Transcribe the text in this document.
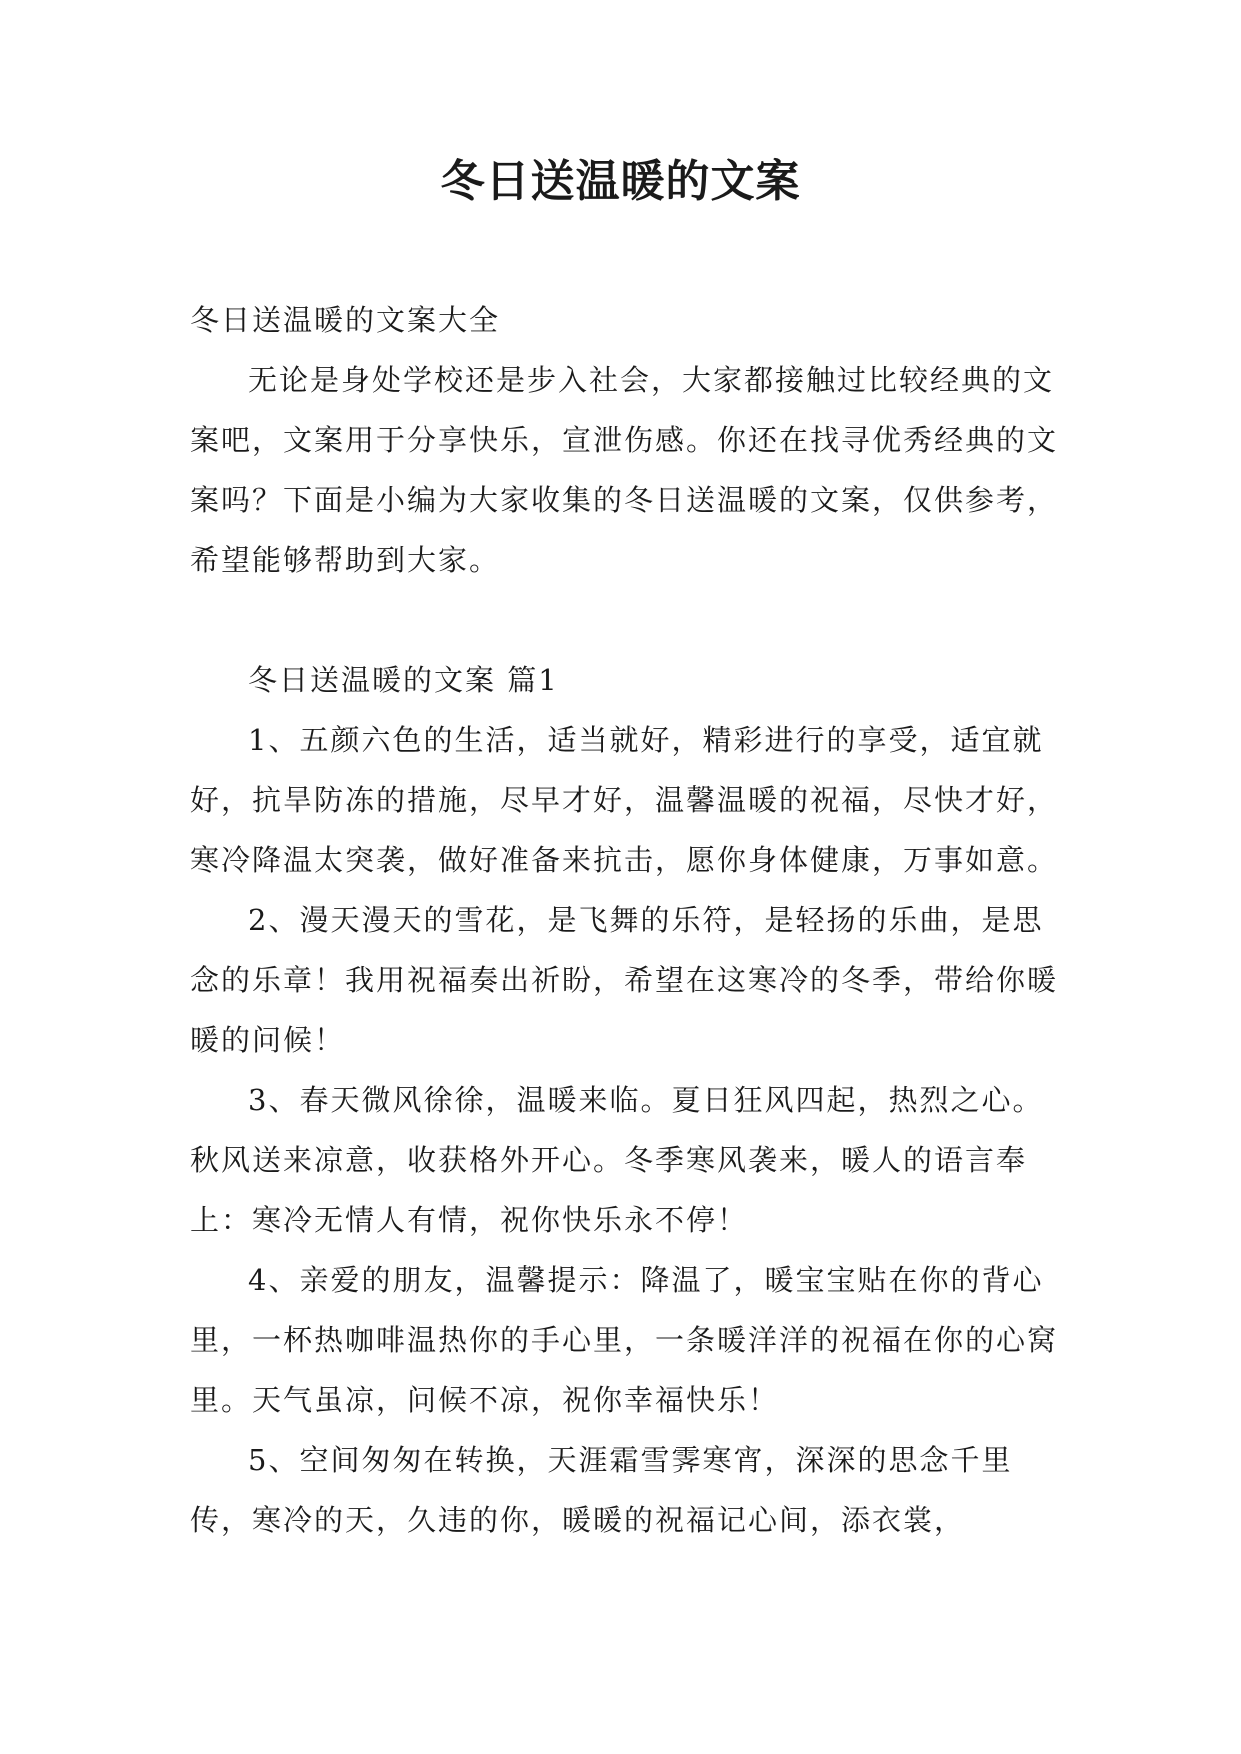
冬日送温暖的文案

冬日送温暖的文案大全

无论是身处学校还是步入社会，大家都接触过比较经典的文案吧，文案用于分享快乐，宣泄伤感。你还在找寻优秀经典的文案吗？下面是小编为大家收集的冬日送温暖的文案，仅供参考，希望能够帮助到大家。

冬日送温暖的文案 篇1

1、五颜六色的生活，适当就好，精彩进行的享受，适宜就好，抗旱防冻的措施，尽早才好，温馨温暖的祝福，尽快才好，寒冷降温太突袭，做好准备来抗击，愿你身体健康，万事如意。

2、漫天漫天的雪花，是飞舞的乐符，是轻扬的乐曲，是思念的乐章！我用祝福奏出祈盼，希望在这寒冷的冬季，带给你暖暖的问候！

3、春天微风徐徐，温暖来临。夏日狂风四起，热烈之心。秋风送来凉意，收获格外开心。冬季寒风袭来，暖人的语言奉上：寒冷无情人有情，祝你快乐永不停！

4、亲爱的朋友，温馨提示：降温了，暖宝宝贴在你的背心里，一杯热咖啡温热你的手心里，一条暖洋洋的祝福在你的心窝里。天气虽凉，问候不凉，祝你幸福快乐！

5、空间匆匆在转换，天涯霜雪霁寒宵，深深的思念千里传，寒冷的天，久违的你，暖暖的祝福记心间，添衣裳，
